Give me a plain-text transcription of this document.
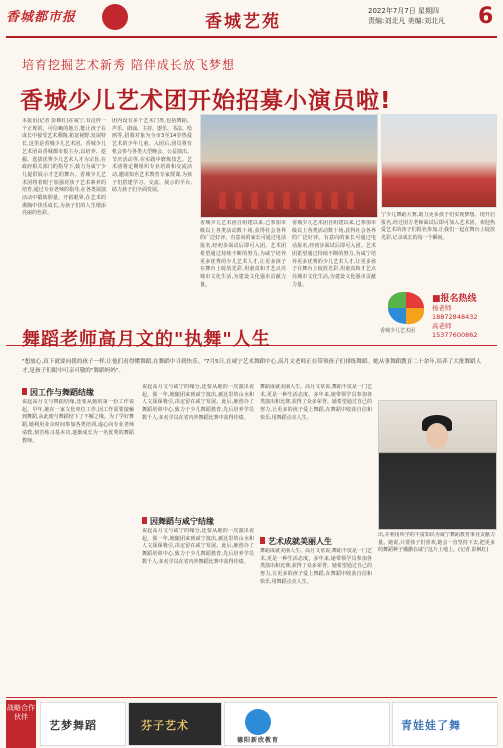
香城都市报	香城艺苑
2022年7月7日 星期四
责编:刘北凡 美编:刘北凡 6
培育挖掘艺术新秀 陪伴成长放飞梦想
香城少儿艺术团开始招募小演员啦!
本报讯(记者 彭枫红)在咸宁,有这样一个正规的、可信赖的地方,能让孩子在成长中接受艺术熏陶,拓宽视野,发展特长,这里是香城少儿艺术团。香城少儿艺术团由香城都市报主办,以培养、挖掘、选拔优秀少儿艺术人才为宗旨,在政府相关部门的指导下,致力为咸宁少儿提供展示才艺的舞台。香城少儿艺术团将着眼于加强对孩子艺术素养的培育,通过专业老师的指导,在各类展演活动中锻炼胆量、开拓眼界,在艺术的熏陶中快乐成长,为孩子们的人生增添亮丽的色彩。
团内设有多个艺术门类,包括舞蹈、声乐、朗诵、主持、器乐、书法、绘画等,招募对象为全市3至14岁热爱艺术的少年儿童。入团后,团员将有机会参与各类大型晚会、公益演出、节庆活动等,在实践中磨炼技艺。艺术团将定期组织专业培训和交流活动,邀请知名艺术教育专家授课,为孩子们搭建学习、交流、展示的平台,助力孩子们全面发展。
香城少儿艺术团自组建以来,已参加市级以上各类活动数十场,获得社会各界的广泛好评。有意向的家长可通过电话报名,经初步面试后即可入团。艺术团希望通过持续不断的努力,为咸宁培养更多优秀的少儿艺术人才,让更多孩子在舞台上绽放光彩,用童真和才艺点亮城市文化生活,为建设文化强市贡献力量。
香城少儿艺术团自组建以来,已参加市级以上各类活动数十场,获得社会各界的广泛好评。有意向的家长可通过电话报名,经初步面试后即可入团。艺术团希望通过持续不断的努力,为咸宁培养更多优秀的少儿艺术人才,让更多孩子在舞台上绽放光彩,用童真和才艺点亮城市文化生活,为建设文化强市贡献力量。
宁少儿舞蹈大赛,助力更多孩子们实现梦想。现开启报名,经过团方老师面试后即可加入艺术团。欢迎热爱艺术的孩子们报名参加,让我们一起在舞台上绽放光彩,记录成长的每一个瞬间。
香城少儿艺术团
■报名热线
杨老师
18872848432
高老师
15377600862
舞蹈老师高月文的"执舞"人生
"想放心,真下就要向我的孩子一样,让他们看得懂舞蹈,在舞蹈中寻到快乐。"7月5日,在咸宁艺术舞蹈中心,高月文老师正在带领孩子们排练舞蹈。她从事舞蹈教育二十余年,培养了大批舞蹈人才,是孩子们眼中可亲可敬的"舞蹈妈妈"。
因工作与舞蹈结缘
说起高月文与舞蹈结缘,还要从她的第一份工作说起。早年,她在一家文化单位工作,因工作需要接触到舞蹈,从此便与舞蹈结下了不解之缘。为了学好舞蹈,她利用业余时间参加各类培训,虚心向专业老师请教,刻苦练习基本功,逐渐成长为一名优秀的舞蹈教师。
说起高月文与咸宁的缘分,还要从她的一次演出说起。那一年,她随团来到咸宁演出,被这里的山水和人文深深吸引,决定留在咸宁发展。此后,她创办了舞蹈培训中心,致力于少儿舞蹈教育,先后培养学员数千人,多名学员在省内外舞蹈比赛中获得佳绩。
因舞蹈与咸宁结缘
说起高月文与咸宁的缘分,还要从她的一次演出说起。那一年,她随团来到咸宁演出,被这里的山水和人文深深吸引,决定留在咸宁发展。此后,她创办了舞蹈培训中心,致力于少儿舞蹈教育,先后培养学员数千人,多名学员在省内外舞蹈比赛中获得佳绩。
舞蹈成就美丽人生。高月文常说,舞蹈不仅是一门艺术,更是一种生活态度。多年来,她带领学员参加各类演出和比赛,获得了众多荣誉。她希望通过自己的努力,让更多的孩子爱上舞蹈,在舞蹈中收获自信和快乐,用舞蹈点亮人生。
艺术成就美丽人生
舞蹈成就美丽人生。高月文常说,舞蹈不仅是一门艺术,更是一种生活态度。多年来,她带领学员参加各类演出和比赛,获得了众多荣誉。她希望通过自己的努力,让更多的孩子爱上舞蹈,在舞蹈中收获自信和快乐,用舞蹈点亮人生。
出,并利用所学的丰富知识为咸宁舞蹈教育事业贡献力量。她说,只要孩子们喜欢,她会一直坚持下去,把更多的舞蹈种子播撒在咸宁这片土地上。(记者 彭枫红)
战略合作伙伴
艺梦舞蹈	芬子艺术
德阳新欣教育
青娃娃了舞
